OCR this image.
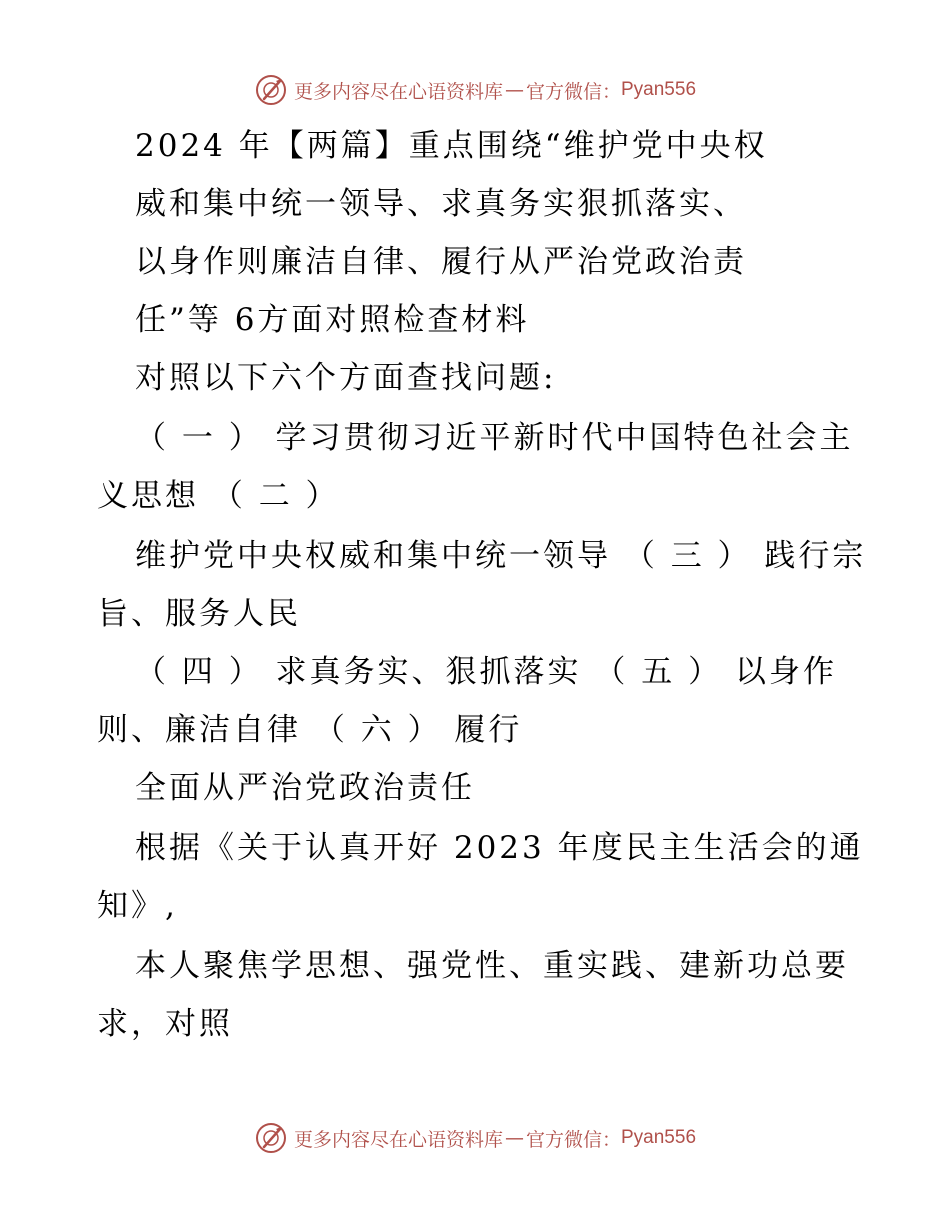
更多内容尽在心语资料库 — 官方微信： Pyan556
2024 年【两篇】重点围绕“维护党中央权
威和集中统一领导、求真务实狠抓落实、
以身作则廉洁自律、履行从严治党政治责
任”等 6方面对照检查材料
对照以下六个方面查找问题:
（ 一 ） 学习贯彻习近平新时代中国特色社会主
义思想 （ 二 ）
维护党中央权威和集中统一领导 （ 三 ） 践行宗
旨、服务人民
（ 四 ） 求真务实、狠抓落实 （ 五 ） 以身作
则、廉洁自律 （ 六 ） 履行
全面从严治党政治责任
根据《关于认真开好 2023 年度民主生活会的通
知》,
本人聚焦学思想、强党性、重实践、建新功总要
求，对照
更多内容尽在心语资料库 — 官方微信： Pyan556
